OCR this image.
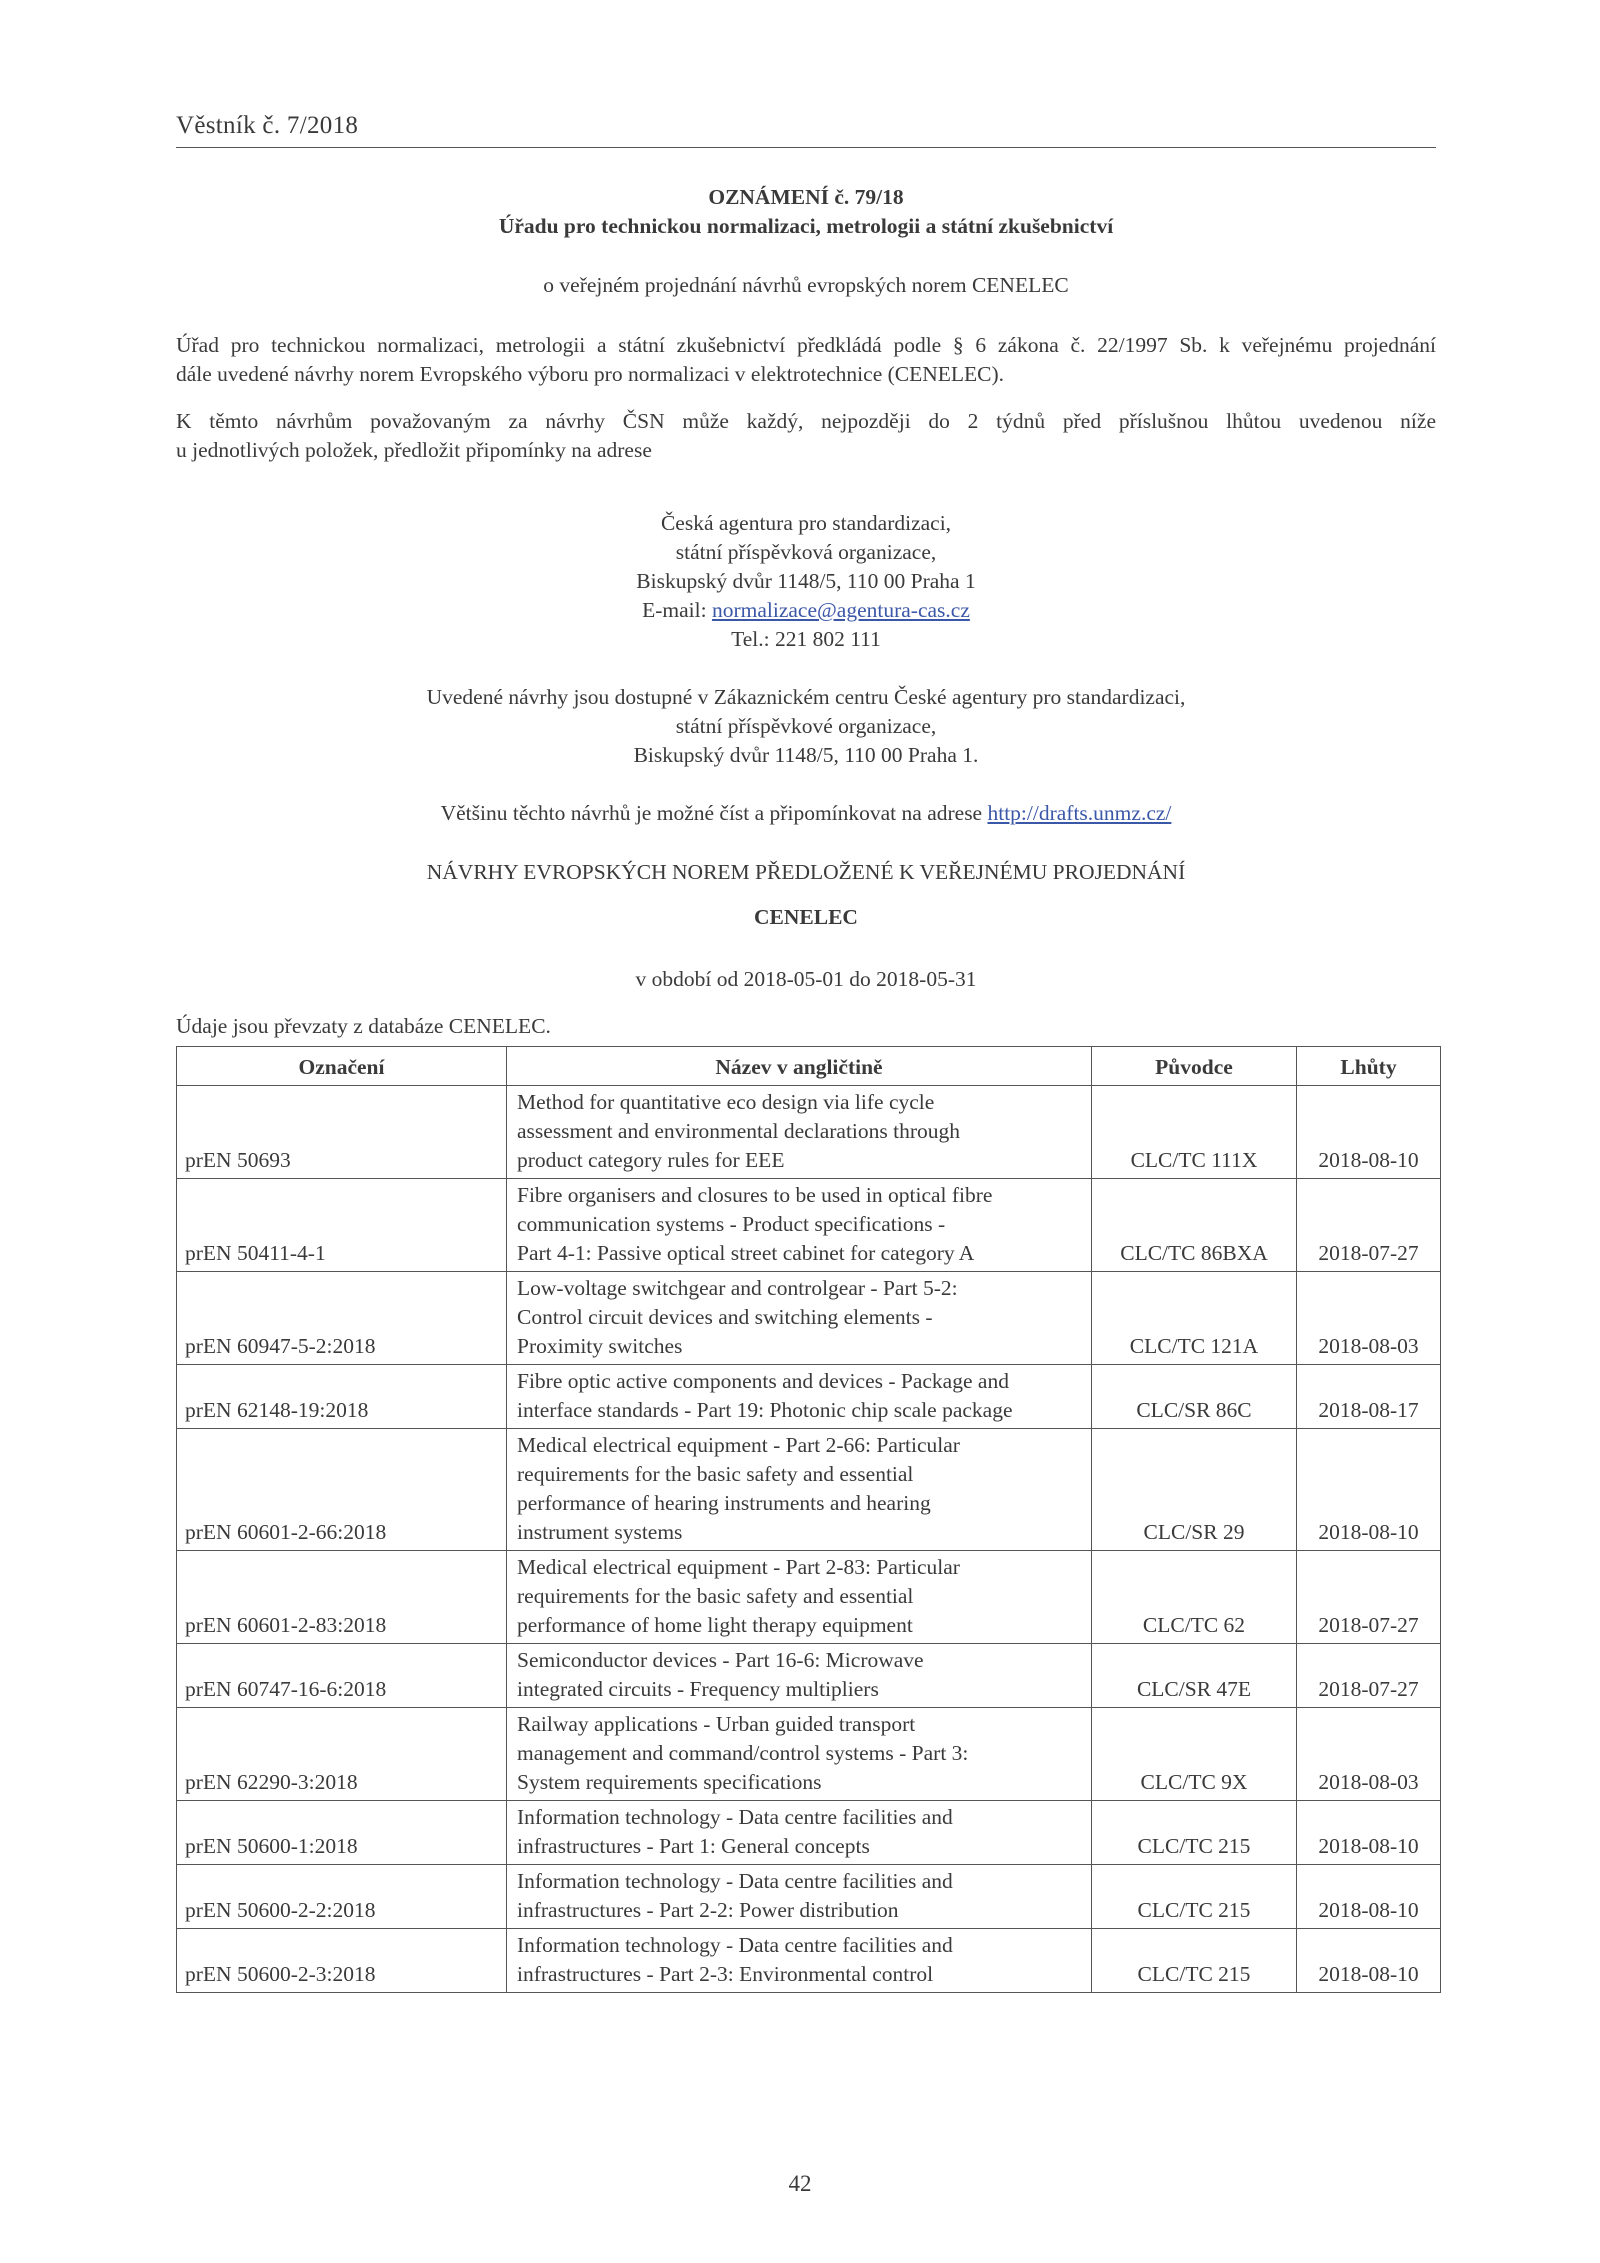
Věstník č. 7/2018
OZNÁMENÍ č. 79/18
Úřadu pro technickou normalizaci, metrologii a státní zkušebnictví
o veřejném projednání návrhů evropských norem CENELEC
Úřad pro technickou normalizaci, metrologii a státní zkušebnictví předkládá podle § 6 zákona č. 22/1997 Sb. k veřejnému projednání
dále uvedené návrhy norem Evropského výboru pro normalizaci v elektrotechnice (CENELEC).
K těmto návrhům považovaným za návrhy ČSN může každý, nejpozději do 2 týdnů před příslušnou lhůtou uvedenou níže
u jednotlivých položek, předložit připomínky na adrese
Česká agentura pro standardizaci,
státní příspěvková organizace,
Biskupský dvůr 1148/5, 110 00 Praha 1
E-mail: normalizace@agentura-cas.cz
Tel.: 221 802 111
Uvedené návrhy jsou dostupné v Zákaznickém centru České agentury pro standardizaci,
státní příspěvkové organizace,
Biskupský dvůr 1148/5, 110 00 Praha 1.
Většinu těchto návrhů je možné číst a připomínkovat na adrese http://drafts.unmz.cz/
NÁVRHY EVROPSKÝCH NOREM PŘEDLOŽENÉ K VEŘEJNÉMU PROJEDNÁNÍ
CENELEC
v období od 2018-05-01 do 2018-05-31
Údaje jsou převzaty z databáze CENELEC.
Označení	Název v angličtině	Původce	Lhůty
prEN 50693	Method for quantitative eco design via life cycle
assessment and environmental declarations through
product category rules for EEE	CLC/TC 111X	2018-08-10
prEN 50411-4-1	Fibre organisers and closures to be used in optical fibre
communication systems - Product specifications -
Part 4-1: Passive optical street cabinet for category A	CLC/TC 86BXA	2018-07-27
prEN 60947-5-2:2018	Low-voltage switchgear and controlgear - Part 5-2:
Control circuit devices and switching elements -
Proximity switches	CLC/TC 121A	2018-08-03
prEN 62148-19:2018	Fibre optic active components and devices - Package and
interface standards - Part 19: Photonic chip scale package	CLC/SR 86C	2018-08-17
prEN 60601-2-66:2018	Medical electrical equipment - Part 2-66: Particular
requirements for the basic safety and essential
performance of hearing instruments and hearing
instrument systems	CLC/SR 29	2018-08-10
prEN 60601-2-83:2018	Medical electrical equipment - Part 2-83: Particular
requirements for the basic safety and essential
performance of home light therapy equipment	CLC/TC 62	2018-07-27
prEN 60747-16-6:2018	Semiconductor devices - Part 16-6: Microwave
integrated circuits - Frequency multipliers	CLC/SR 47E	2018-07-27
prEN 62290-3:2018	Railway applications - Urban guided transport
management and command/control systems - Part 3:
System requirements specifications	CLC/TC 9X	2018-08-03
prEN 50600-1:2018	Information technology - Data centre facilities and
infrastructures - Part 1: General concepts	CLC/TC 215	2018-08-10
prEN 50600-2-2:2018	Information technology - Data centre facilities and
infrastructures - Part 2-2: Power distribution	CLC/TC 215	2018-08-10
prEN 50600-2-3:2018	Information technology - Data centre facilities and
infrastructures - Part 2-3: Environmental control	CLC/TC 215	2018-08-10
42
